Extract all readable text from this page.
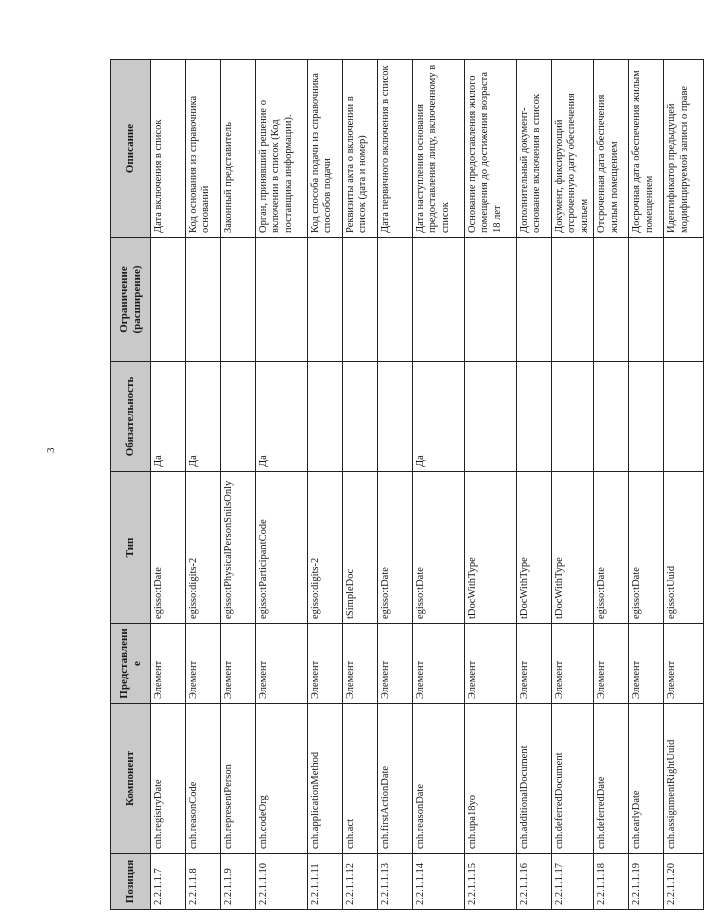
3
Позиция	Компонент	Представление	Тип	Обязательность	Ограничение (расширение)	Описание
2.2.1.1.7	cnh.registryDate	Элемент	egisso:tDate	Да		Дата включения в список
2.2.1.1.8	cnh.reasonCode	Элемент	egisso:digits-2	Да		Код основания из справочника оснований
2.2.1.1.9	cnh.representPerson	Элемент	egisso:tPhysicalPersonSnilsOnly			Законный представитель
2.2.1.1.10	cnh.codeOrg	Элемент	egisso:tParticipantCode	Да		Орган, принявший решение о включении в список (Код поставщика информации).
2.2.1.1.11	cnh.applicationMethod	Элемент	egisso:digits-2			Код способа подачи из справочника способов подачи
2.2.1.1.12	cnh.act	Элемент	tSimpleDoc			Реквизиты акта о включении в список (дата и номер)
2.2.1.1.13	cnh.firstActionDate	Элемент	egisso:tDate			Дата первичного включения в список
2.2.1.1.14	cnh.reasonDate	Элемент	egisso:tDate	Да		Дата наступления основания предоставления лицу, включенному в список
2.2.1.1.15	cnh.upa18yo	Элемент	tDocWithType			Основание предоставления жилого помещения до достижения возраста 18 лет
2.2.1.1.16	cnh.additionalDocument	Элемент	tDocWithType			Дополнительный документ-основание включения в список
2.2.1.1.17	cnh.deferredDocument	Элемент	tDocWithType			Документ, фиксирующий отсроченную дату обеспечения жильем
2.2.1.1.18	cnh.deferredDate	Элемент	egisso:tDate			Отсроченная дата обеспечения жилым помещением
2.2.1.1.19	cnh.earlyDate	Элемент	egisso:tDate			Досрочная дата обеспечения жилым помещением
2.2.1.1.20	cnh.assignmentRightUuid	Элемент	egisso:tUuid			Идентификатор предыдущей модифицируемой записи о праве
